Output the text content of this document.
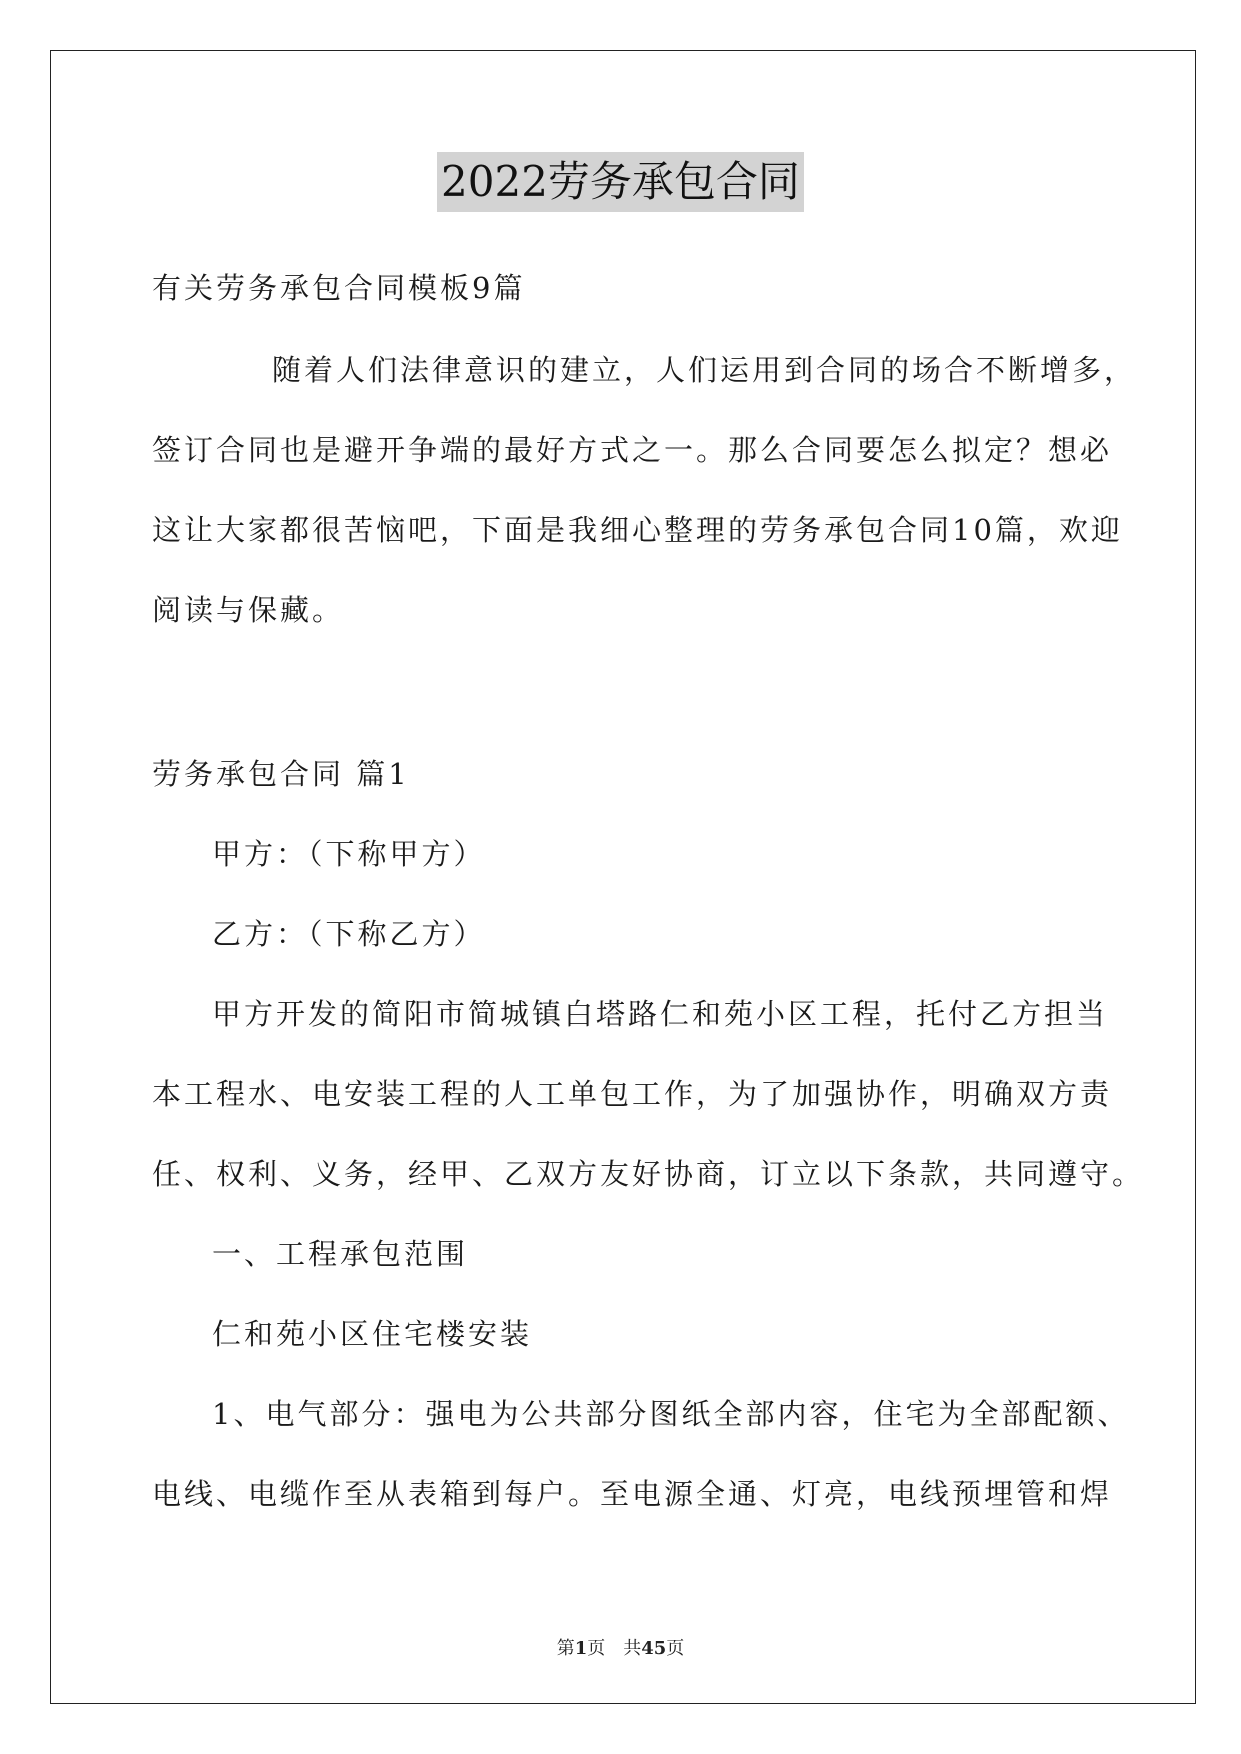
2022劳务承包合同
有关劳务承包合同模板9篇
随着人们法律意识的建立，人们运用到合同的场合不断增多，
签订合同也是避开争端的最好方式之一。那么合同要怎么拟定？想必
这让大家都很苦恼吧，下面是我细心整理的劳务承包合同10篇，欢迎
阅读与保藏。
劳务承包合同 篇1
甲方：（下称甲方）
乙方：（下称乙方）
甲方开发的简阳市简城镇白塔路仁和苑小区工程，托付乙方担当
本工程水、电安装工程的人工单包工作，为了加强协作，明确双方责
任、权利、义务，经甲、乙双方友好协商，订立以下条款，共同遵守。
一、工程承包范围
仁和苑小区住宅楼安装
1、电气部分：强电为公共部分图纸全部内容，住宅为全部配额、
电线、电缆作至从表箱到每户。至电源全通、灯亮，电线预埋管和焊
第1页 共45页
